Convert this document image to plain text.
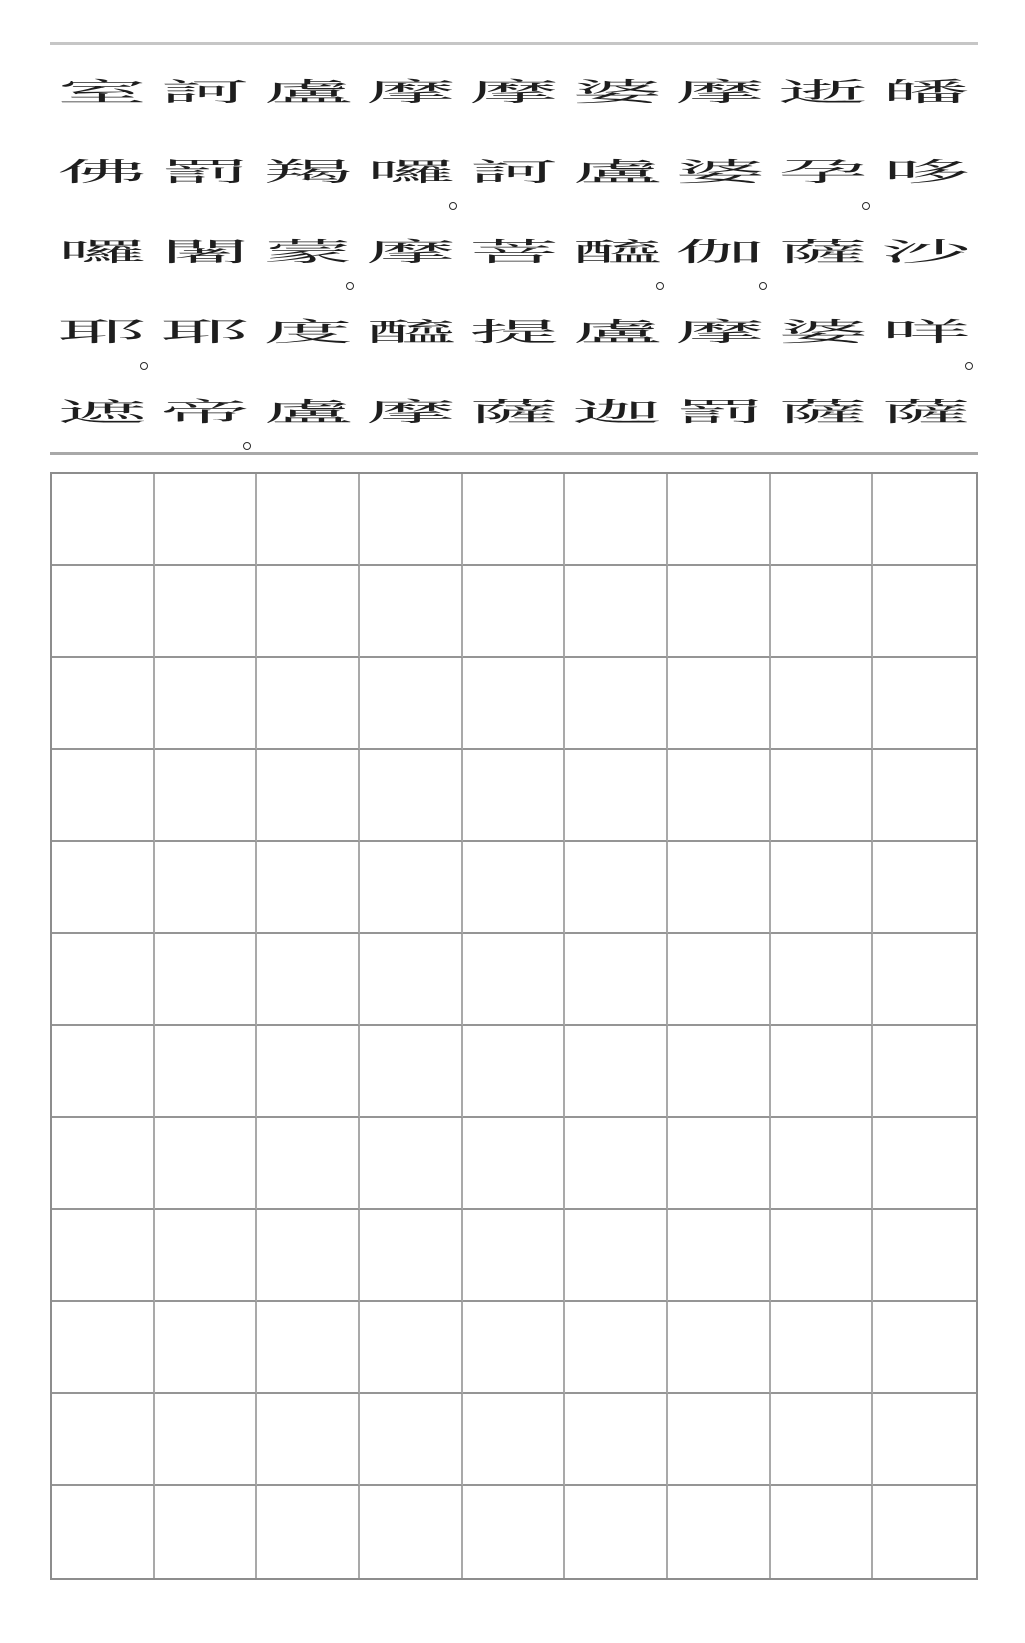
皤
哆
沙
咩
薩
逝
孕
薩
婆
薩
摩
婆
伽
摩
罰
婆
盧
醯
盧
迦
摩
訶
菩
提
薩
摩
囉
摩
醯
摩
盧
羯
蒙
度
盧
訶
罰
闍
耶
帝
室
佛
囉
耶
遮
